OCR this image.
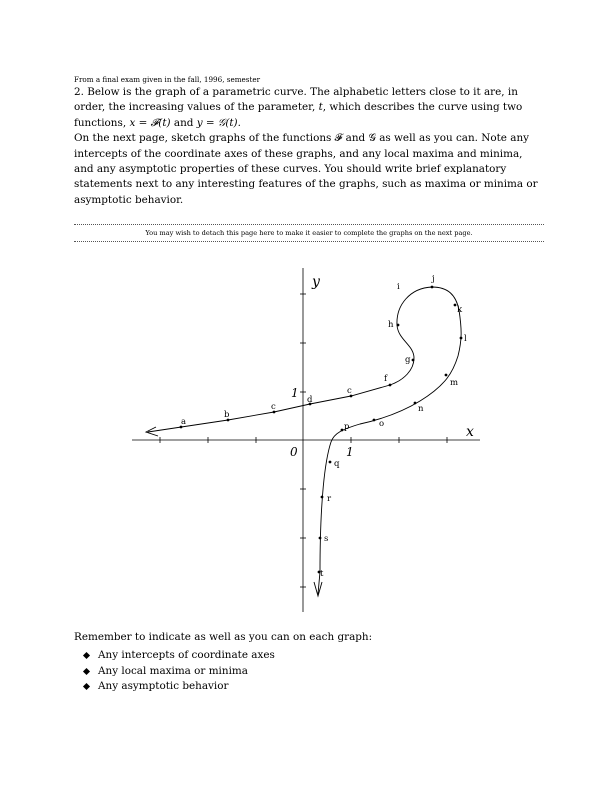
From a final exam given in the fall, 1996, semester

2. Below is the graph of a parametric curve. The alphabetic letters close to it are, in order, the increasing values of the parameter, t, which describes the curve using two functions, x = 𝓕(t) and y = 𝒢(t).

On the next page, sketch graphs of the functions 𝓕 and 𝒢 as well as you can. Note any intercepts of the coordinate axes of these graphs, and any local maxima and minima, and any asymptotic properties of these curves. You should write brief explanatory statements next to any interesting features of the graphs, such as maxima or minima or asymptotic behavior.

You may wish to detach this page here to make it easier to complete the graphs on the next page.
y
x
0	1
1
a
b
c
c
d
f
g
h
i
j
k
l
m
n
o
p
q
r
s
t
Remember to indicate as well as you can on each graph:
Any intercepts of coordinate axes
Any local maxima or minima
Any asymptotic behavior
